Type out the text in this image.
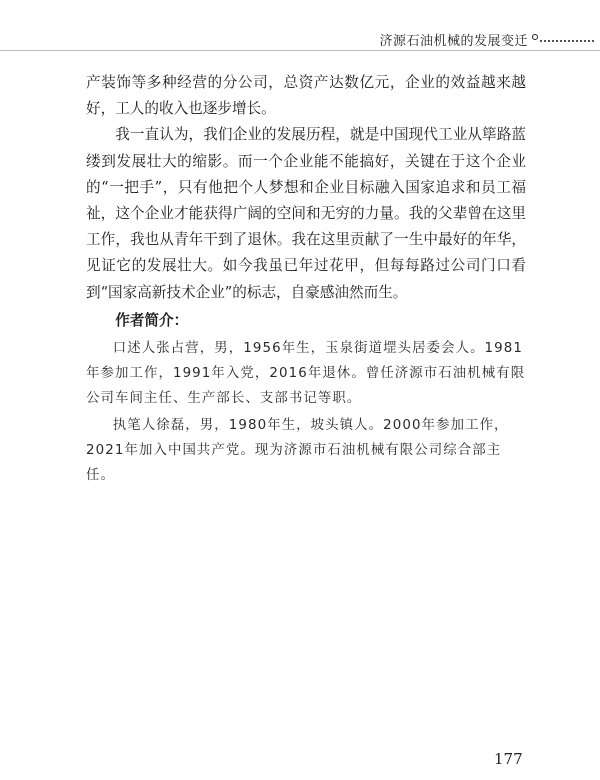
济源石油机械的发展变迁

产装饰等多种经营的分公司，总资产达数亿元，企业的效益越来越好，工人的收入也逐步增长。

我一直认为，我们企业的发展历程，就是中国现代工业从筚路蓝缕到发展壮大的缩影。而一个企业能不能搞好，关键在于这个企业的“一把手”，只有他把个人梦想和企业目标融入国家追求和员工福祉，这个企业才能获得广阔的空间和无穷的力量。我的父辈曾在这里工作，我也从青年干到了退休。我在这里贡献了一生中最好的年华，见证它的发展壮大。如今我虽已年过花甲，但每每路过公司门口看到“国家高新技术企业”的标志，自豪感油然而生。

作者简介：

口述人张占营，男，1956年生，玉泉街道堽头居委会人。1981年参加工作，1991年入党，2016年退休。曾任济源市石油机械有限公司车间主任、生产部长、支部书记等职。

执笔人徐磊，男，1980年生，坡头镇人。2000年参加工作，2021年加入中国共产党。现为济源市石油机械有限公司综合部主任。

177
